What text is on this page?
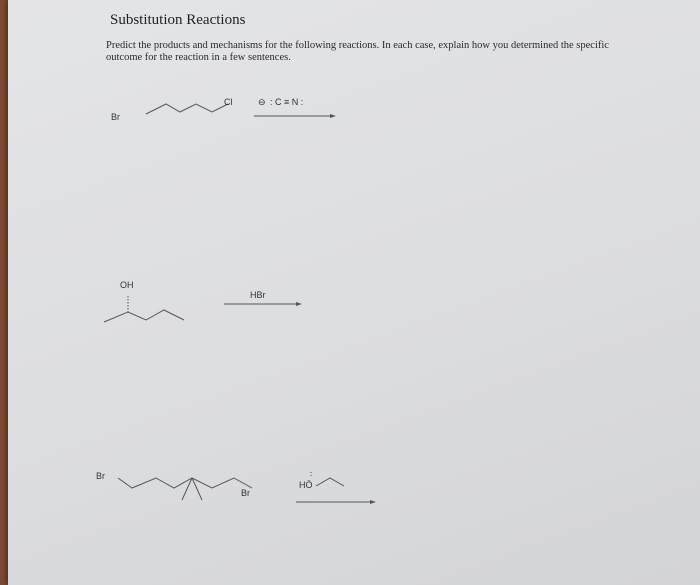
Substitution Reactions
Predict the products and mechanisms for the following reactions. In each case, explain how you determined the specific outcome for the reaction in a few sentences.
Br
Cl	⊖ : C ≡ N :
OH
HBr
Br
Br
HÖ
∶
